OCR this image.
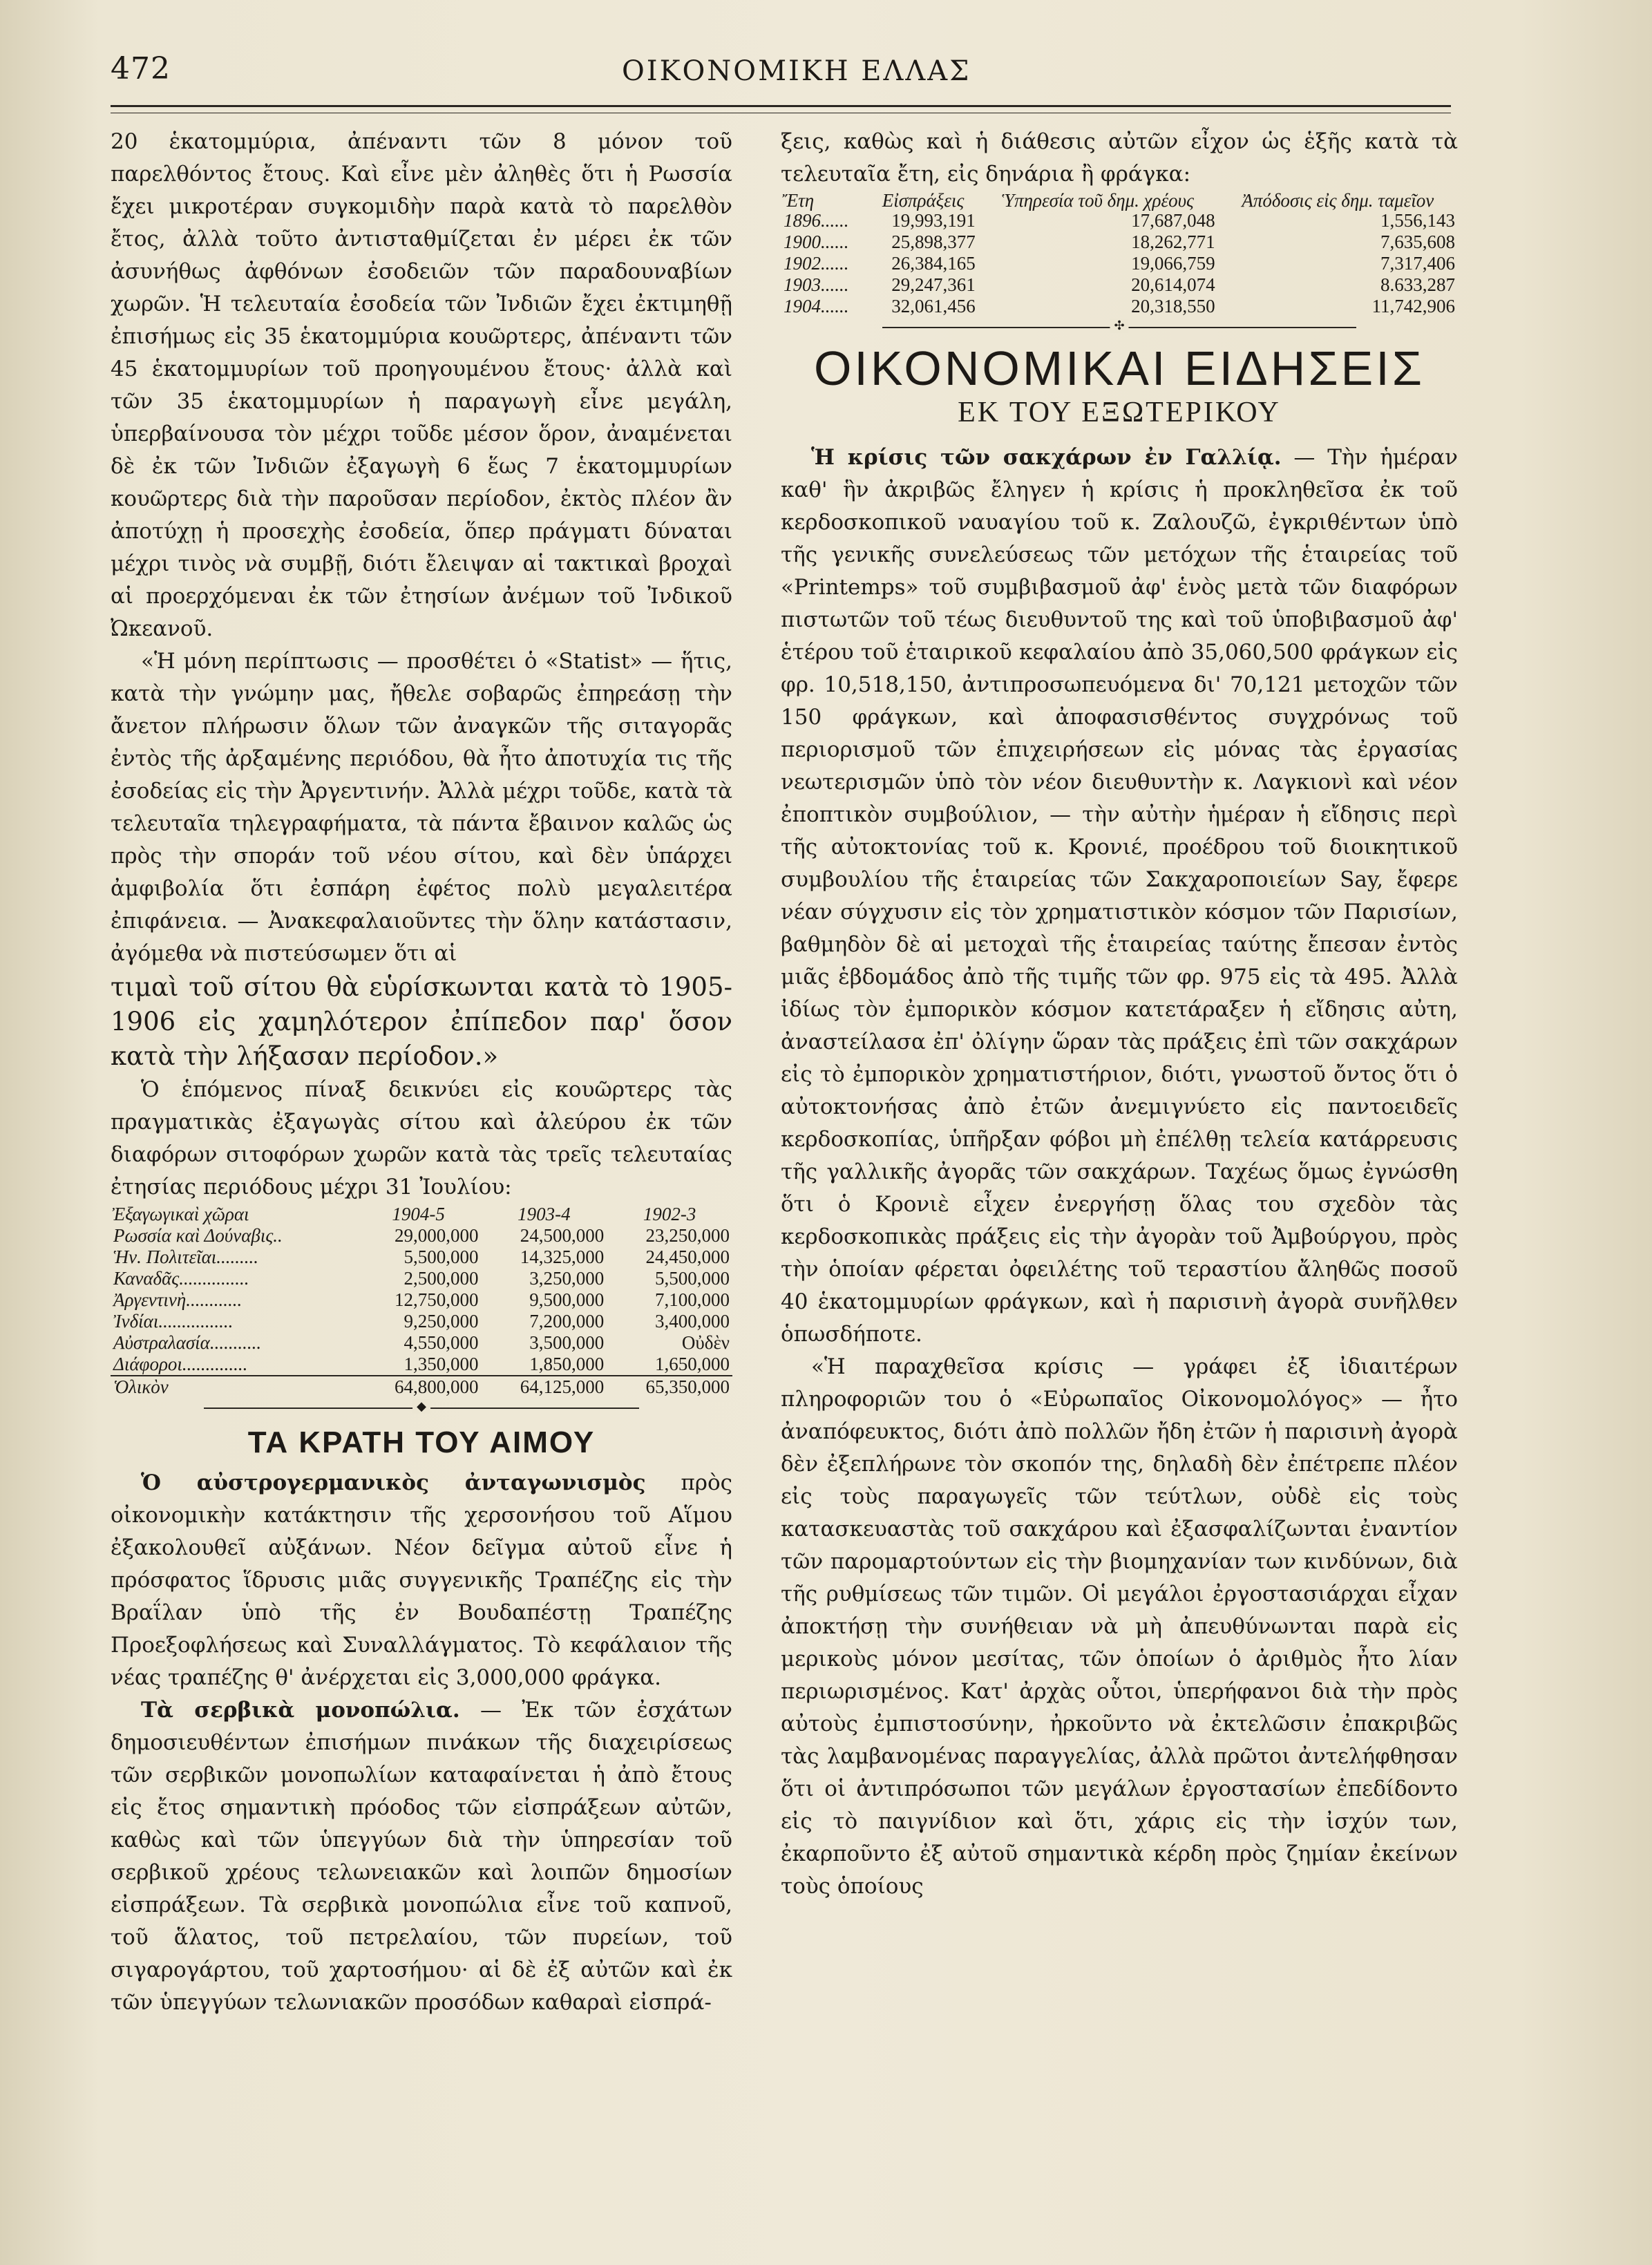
472	ΟΙΚΟΝΟΜΙΚΗ ΕΛΛΑΣ

20 ἑκατομμύρια, ἀπέναντι τῶν 8 μόνον τοῦ παρελθόντος ἔτους. Καὶ εἶνε μὲν ἀληθὲς ὅτι ἡ Ρωσσία ἔχει μικροτέραν συγκομιδὴν παρὰ κατὰ τὸ παρελθὸν ἔτος, ἀλλὰ τοῦτο ἀντισταθμίζεται ἐν μέρει ἐκ τῶν ἀσυνήθως ἀφθόνων ἐσοδειῶν τῶν παραδουναβίων χωρῶν. Ἡ τελευταία ἐσοδεία τῶν Ἰνδιῶν ἔχει ἐκτιμηθῇ ἐπισήμως εἰς 35 ἑκατομμύρια κουῶρτερς, ἀπέναντι τῶν 45 ἑκατομμυρίων τοῦ προηγουμένου ἔτους· ἀλλὰ καὶ τῶν 35 ἑκατομμυρίων ἡ παραγωγὴ εἶνε μεγάλη, ὑπερβαίνουσα τὸν μέχρι τοῦδε μέσον ὅρον, ἀναμένεται δὲ ἐκ τῶν Ἰνδιῶν ἐξαγωγὴ 6 ἕως 7 ἑκατομμυρίων κουῶρτερς διὰ τὴν παροῦσαν περίοδον, ἐκτὸς πλέον ἂν ἀποτύχῃ ἡ προσεχὴς ἐσοδεία, ὅπερ πράγματι δύναται μέχρι τινὸς νὰ συμβῇ, διότι ἔλειψαν αἱ τακτικαὶ βροχαὶ αἱ προερχόμεναι ἐκ τῶν ἐτησίων ἀνέμων τοῦ Ἰνδικοῦ Ὠκεανοῦ.

«Ἡ μόνη περίπτωσις — προσθέτει ὁ «Statist» — ἥτις, κατὰ τὴν γνώμην μας, ἤθελε σοβαρῶς ἐπηρεάσῃ τὴν ἄνετον πλήρωσιν ὅλων τῶν ἀναγκῶν τῆς σιταγορᾶς ἐντὸς τῆς ἀρξαμένης περιόδου, θὰ ἦτο ἀποτυχία τις τῆς ἐσοδείας εἰς τὴν Ἀργεντινήν. Ἀλλὰ μέχρι τοῦδε, κατὰ τὰ τελευταῖα τηλεγραφήματα, τὰ πάντα ἔβαινον καλῶς ὡς πρὸς τὴν σποράν τοῦ νέου σίτου, καὶ δὲν ὑπάρχει ἀμφιβολία ὅτι ἐσπάρη ἐφέτος πολὺ μεγαλειτέρα ἐπιφάνεια. — Ἀνακεφαλαιοῦντες τὴν ὅλην κατάστασιν, ἀγόμεθα νὰ πιστεύσωμεν ὅτι αἱ

τιμαὶ τοῦ σίτου θὰ εὑρίσκωνται κατὰ τὸ 1905-1906 εἰς χαμηλότερον ἐπίπεδον παρ' ὅσον κατὰ τὴν λήξασαν περίοδον.»

Ὁ ἑπόμενος πίναξ δεικνύει εἰς κουῶρτερς τὰς πραγματικὰς ἐξαγωγὰς σίτου καὶ ἀλεύρου ἐκ τῶν διαφόρων σιτοφόρων χωρῶν κατὰ τὰς τρεῖς τελευταίας ἐτησίας περιόδους μέχρι 31 Ἰουλίου:

Ἐξαγωγικαὶ χῶραι	1904-5	1903-4	1902-3
Ρωσσία καὶ Δούναβις..	29,000,000	24,500,000	23,250,000
Ἡν. Πολιτεῖαι.........	5,500,000	14,325,000	24,450,000
Καναδᾶς...............	2,500,000	3,250,000	5,500,000
Ἀργεντινὴ............	12,750,000	9,500,000	7,100,000
Ἰνδίαι................	9,250,000	7,200,000	3,400,000
Αὐστραλασία...........	4,550,000	3,500,000	Οὐδὲν
Διάφοροι..............	1,350,000	1,850,000	1,650,000
Ὁλικὸν	64,800,000	64,125,000	65,350,000
◆
ΤΑ ΚΡΑΤΗ ΤΟΥ ΑΙΜΟΥ

Ὁ αὐστρογερμανικὸς ἀνταγωνισμὸς πρὸς οἰκονομικὴν κατάκτησιν τῆς χερσονήσου τοῦ Αἵμου ἐξακολουθεῖ αὐξάνων. Νέον δεῖγμα αὐτοῦ εἶνε ἡ πρόσφατος ἵδρυσις μιᾶς συγγενικῆς Τραπέζης εἰς τὴν Βραΐλαν ὑπὸ τῆς ἐν Βουδαπέστῃ Τραπέζης Προεξοφλήσεως καὶ Συναλλάγματος. Τὸ κεφάλαιον τῆς νέας τραπέζης θ' ἀνέρχεται εἰς 3,000,000 φράγκα.

Τὰ σερβικὰ μονοπώλια. — Ἐκ τῶν ἐσχάτων δημοσιευθέντων ἐπισήμων πινάκων τῆς διαχειρίσεως τῶν σερβικῶν μονοπωλίων καταφαίνεται ἡ ἀπὸ ἔτους εἰς ἔτος σημαντικὴ πρόοδος τῶν εἰσπράξεων αὐτῶν, καθὼς καὶ τῶν ὑπεγγύων διὰ τὴν ὑπηρεσίαν τοῦ σερβικοῦ χρέους τελωνειακῶν καὶ λοιπῶν δημοσίων εἰσπράξεων. Τὰ σερβικὰ μονοπώλια εἶνε τοῦ καπνοῦ, τοῦ ἅλατος, τοῦ πετρελαίου, τῶν πυρείων, τοῦ σιγαρογάρτου, τοῦ χαρτοσήμου· αἱ δὲ ἐξ αὐτῶν καὶ ἐκ τῶν ὑπεγγύων τελωνιακῶν προσόδων καθαραὶ εἰσπρά-

ξεις, καθὼς καὶ ἡ διάθεσις αὐτῶν εἶχον ὡς ἑξῆς κατὰ τὰ τελευταῖα ἔτη, εἰς δηνάρια ἢ φράγκα:

Ἔτη	Εἰσπράξεις	Ὑπηρεσία τοῦ δημ. χρέους	Ἀπόδοσις εἰς δημ. ταμεῖον
1896......	19,993,191	17,687,048	1,556,143
1900......	25,898,377	18,262,771	7,635,608
1902......	26,384,165	19,066,759	7,317,406
1903......	29,247,361	20,614,074	8.633,287
1904......	32,061,456	20,318,550	11,742,906
✣
ΟΙΚΟΝΟΜΙΚΑΙ ΕΙΔΗΣΕΙΣ
ΕΚ ΤΟΥ ΕΞΩΤΕΡΙΚΟΥ

Ἡ κρίσις τῶν σακχάρων ἐν Γαλλίᾳ. — Τὴν ἡμέραν καθ' ἣν ἀκριβῶς ἔληγεν ἡ κρίσις ἡ προκληθεῖσα ἐκ τοῦ κερδοσκοπικοῦ ναυαγίου τοῦ κ. Ζαλουζῶ, ἐγκριθέντων ὑπὸ τῆς γενικῆς συνελεύσεως τῶν μετόχων τῆς ἑταιρείας τοῦ «Printemps» τοῦ συμβιβασμοῦ ἀφ' ἑνὸς μετὰ τῶν διαφόρων πιστωτῶν τοῦ τέως διευθυντοῦ της καὶ τοῦ ὑποβιβασμοῦ ἀφ' ἑτέρου τοῦ ἑταιρικοῦ κεφαλαίου ἀπὸ 35,060,500 φράγκων εἰς φρ. 10,518,150, ἀντιπροσωπευόμενα δι' 70,121 μετοχῶν τῶν 150 φράγκων, καὶ ἀποφασισθέντος συγχρόνως τοῦ περιορισμοῦ τῶν ἐπιχειρήσεων εἰς μόνας τὰς ἐργασίας νεωτερισμῶν ὑπὸ τὸν νέον διευθυντὴν κ. Λαγκιονὶ καὶ νέον ἐποπτικὸν συμβούλιον, — τὴν αὐτὴν ἡμέραν ἡ εἴδησις περὶ τῆς αὐτοκτονίας τοῦ κ. Κρονιέ, προέδρου τοῦ διοικητικοῦ συμβουλίου τῆς ἑταιρείας τῶν Σακχαροποιείων Say, ἔφερε νέαν σύγχυσιν εἰς τὸν χρηματιστικὸν κόσμον τῶν Παρισίων, βαθμηδὸν δὲ αἱ μετοχαὶ τῆς ἑταιρείας ταύτης ἔπεσαν ἐντὸς μιᾶς ἑβδομάδος ἀπὸ τῆς τιμῆς τῶν φρ. 975 εἰς τὰ 495. Ἀλλὰ ἰδίως τὸν ἐμπορικὸν κόσμον κατετάραξεν ἡ εἴδησις αὐτη, ἀναστείλασα ἐπ' ὀλίγην ὥραν τὰς πράξεις ἐπὶ τῶν σακχάρων εἰς τὸ ἐμπορικὸν χρηματιστήριον, διότι, γνωστοῦ ὄντος ὅτι ὁ αὐτοκτονήσας ἀπὸ ἐτῶν ἀνεμιγνύετο εἰς παντοειδεῖς κερδοσκοπίας, ὑπῆρξαν φόβοι μὴ ἐπέλθῃ τελεία κατάρρευσις τῆς γαλλικῆς ἀγορᾶς τῶν σακχάρων. Ταχέως ὅμως ἐγνώσθη ὅτι ὁ Κρονιὲ εἶχεν ἐνεργήσῃ ὅλας του σχεδὸν τὰς κερδοσκοπικὰς πράξεις εἰς τὴν ἀγορὰν τοῦ Ἀμβούργου, πρὸς τὴν ὁποίαν φέρεται ὀφειλέτης τοῦ τεραστίου ἄληθῶς ποσοῦ 40 ἑκατομμυρίων φράγκων, καὶ ἡ παρισινὴ ἀγορὰ συνῆλθεν ὁπωσδήποτε.

«Ἡ παραχθεῖσα κρίσις — γράφει ἐξ ἰδιαιτέρων πληροφοριῶν του ὁ «Εὐρωπαῖος Οἰκονομολόγος» — ἦτο ἀναπόφευκτος, διότι ἀπὸ πολλῶν ἤδη ἐτῶν ἡ παρισινὴ ἀγορὰ δὲν ἐξεπλήρωνε τὸν σκοπόν της, δηλαδὴ δὲν ἐπέτρεπε πλέον εἰς τοὺς παραγωγεῖς τῶν τεύτλων, οὐδὲ εἰς τοὺς κατασκευαστὰς τοῦ σακχάρου καὶ ἐξασφαλίζωνται ἐναντίον τῶν παρομαρτούντων εἰς τὴν βιομηχανίαν των κινδύνων, διὰ τῆς ρυθμίσεως τῶν τιμῶν. Οἱ μεγάλοι ἐργοστασιάρχαι εἶχαν ἀποκτήσῃ τὴν συνήθειαν νὰ μὴ ἀπευθύνωνται παρὰ εἰς μερικοὺς μόνον μεσίτας, τῶν ὁποίων ὁ ἀριθμὸς ἦτο λίαν περιωρισμένος. Κατ' ἀρχὰς οὗτοι, ὑπερήφανοι διὰ τὴν πρὸς αὐτοὺς ἐμπιστοσύνην, ἠρκοῦντο νὰ ἐκτελῶσιν ἐπακριβῶς τὰς λαμβανομένας παραγγελίας, ἀλλὰ πρῶτοι ἀντελήφθησαν ὅτι οἱ ἀντιπρόσωποι τῶν μεγάλων ἐργοστασίων ἐπεδίδοντο εἰς τὸ παιγνίδιον καὶ ὅτι, χάρις εἰς τὴν ἰσχύν των, ἐκαρποῦντο ἐξ αὐτοῦ σημαντικὰ κέρδη πρὸς ζημίαν ἐκείνων τοὺς ὁποίους
